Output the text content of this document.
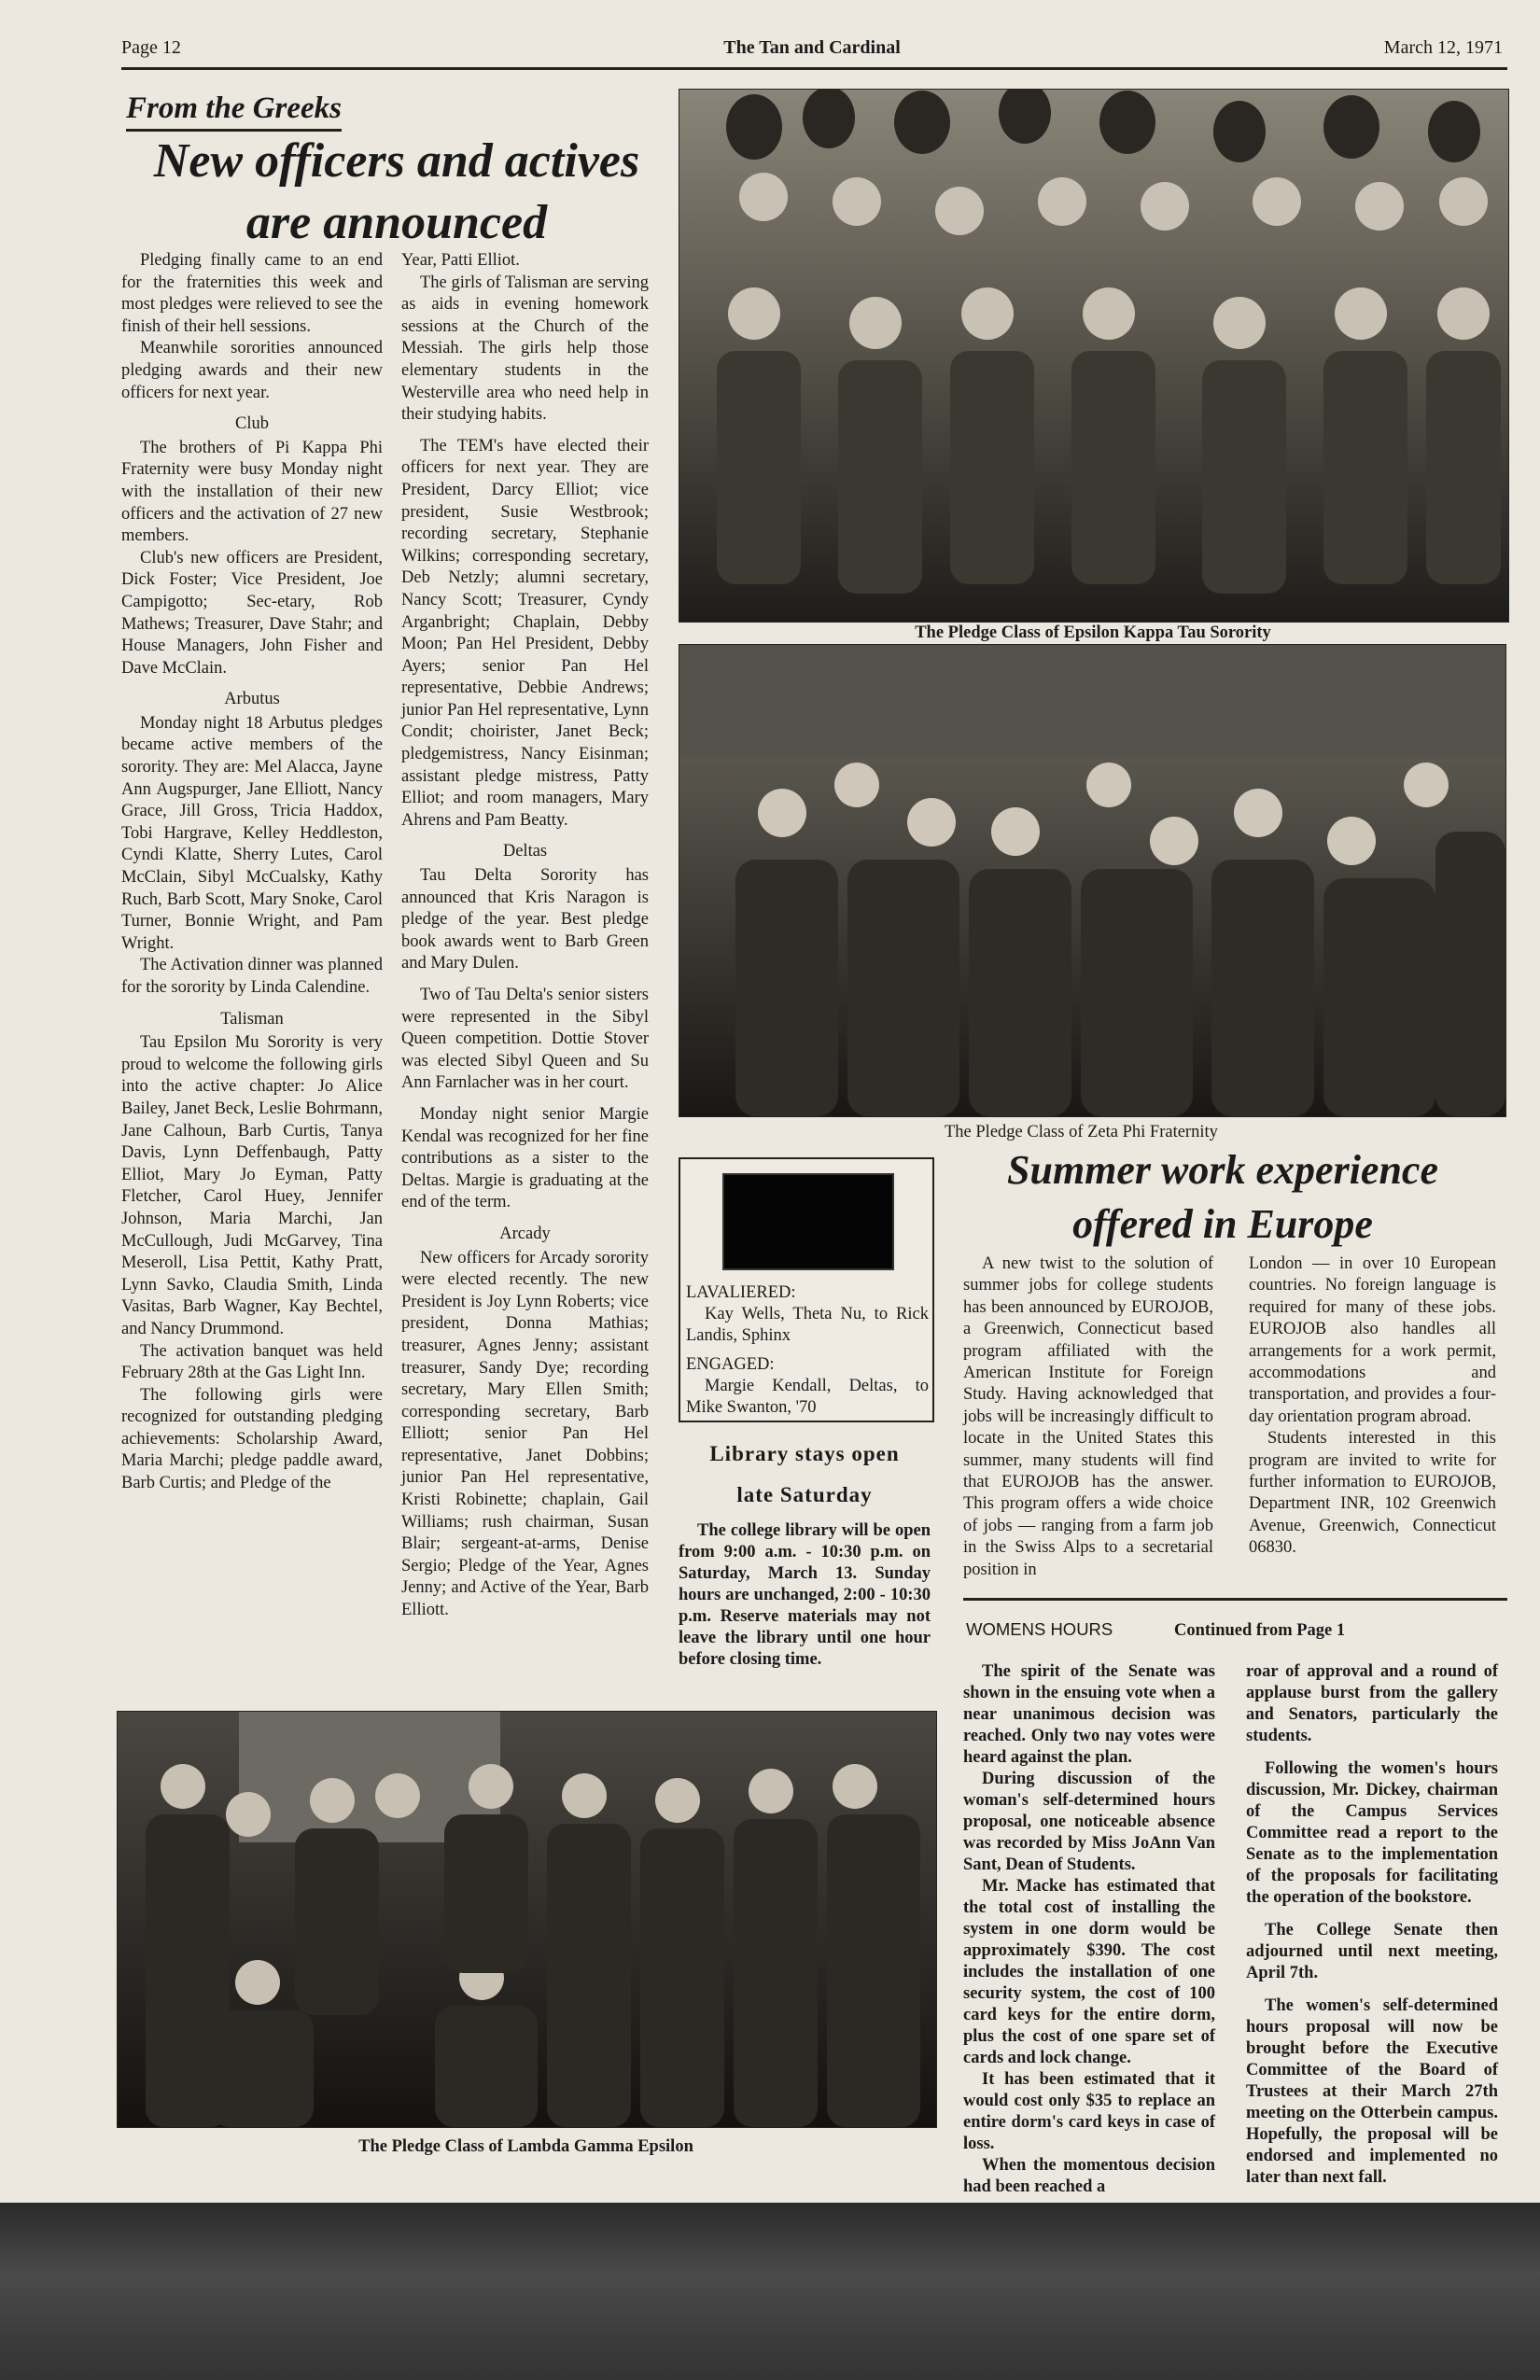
Page 12	The Tan and Cardinal	March 12, 1971
From the Greeks
New officers and actives
are announced

Pledging finally came to an end for the fraternities this week and most pledges were relieved to see the finish of their hell sessions.

Meanwhile sororities announced pledging awards and their new officers for next year.

Club

The brothers of Pi Kappa Phi Fraternity were busy Monday night with the installation of their new officers and the activation of 27 new members.

Club's new officers are President, Dick Foster; Vice President, Joe Campigotto; Sec-etary, Rob Mathews; Treasurer, Dave Stahr; and House Managers, John Fisher and Dave McClain.

Arbutus

Monday night 18 Arbutus pledges became active members of the sorority. They are: Mel Alacca, Jayne Ann Augspurger, Jane Elliott, Nancy Grace, Jill Gross, Tricia Haddox, Tobi Hargrave, Kelley Heddleston, Cyndi Klatte, Sherry Lutes, Carol McClain, Sibyl McCualsky, Kathy Ruch, Barb Scott, Mary Snoke, Carol Turner, Bonnie Wright, and Pam Wright.

The Activation dinner was planned for the sorority by Linda Calendine.

Talisman

Tau Epsilon Mu Sorority is very proud to welcome the following girls into the active chapter: Jo Alice Bailey, Janet Beck, Leslie Bohrmann, Jane Calhoun, Barb Curtis, Tanya Davis, Lynn Deffenbaugh, Patty Elliot, Mary Jo Eyman, Patty Fletcher, Carol Huey, Jennifer Johnson, Maria Marchi, Jan McCullough, Judi McGarvey, Tina Meseroll, Lisa Pettit, Kathy Pratt, Lynn Savko, Claudia Smith, Linda Vasitas, Barb Wagner, Kay Bechtel, and Nancy Drummond.

The activation banquet was held February 28th at the Gas Light Inn.

The following girls were recognized for outstanding pledging achievements: Scholarship Award, Maria Marchi; pledge paddle award, Barb Curtis; and Pledge of the

Year, Patti Elliot.

The girls of Talisman are serving as aids in evening homework sessions at the Church of the Messiah. The girls help those elementary students in the Westerville area who need help in their studying habits.

The TEM's have elected their officers for next year. They are President, Darcy Elliot; vice president, Susie Westbrook; recording secretary, Stephanie Wilkins; corresponding secretary, Deb Netzly; alumni secretary, Nancy Scott; Treasurer, Cyndy Arganbright; Chaplain, Debby Moon; Pan Hel President, Debby Ayers; senior Pan Hel representative, Debbie Andrews; junior Pan Hel representative, Lynn Condit; choirister, Janet Beck; pledgemistress, Nancy Eisinman; assistant pledge mistress, Patty Elliot; and room managers, Mary Ahrens and Pam Beatty.

Deltas

Tau Delta Sorority has announced that Kris Naragon is pledge of the year. Best pledge book awards went to Barb Green and Mary Dulen.

Two of Tau Delta's senior sisters were represented in the Sibyl Queen competition. Dottie Stover was elected Sibyl Queen and Su Ann Farnlacher was in her court.

Monday night senior Margie Kendal was recognized for her fine contributions as a sister to the Deltas. Margie is graduating at the end of the term.

Arcady

New officers for Arcady sorority were elected recently. The new President is Joy Lynn Roberts; vice president, Donna Mathias; treasurer, Agnes Jenny; assistant treasurer, Sandy Dye; recording secretary, Mary Ellen Smith; corresponding secretary, Barb Elliott; senior Pan Hel representative, Janet Dobbins; junior Pan Hel representative, Kristi Robinette; chaplain, Gail Williams; rush chairman, Susan Blair; sergeant-at-arms, Denise Sergio; Pledge of the Year, Agnes Jenny; and Active of the Year, Barb Elliott.

The Pledge Class of Epsilon Kappa Tau Sorority
The Pledge Class of Zeta Phi Fraternity
LAVALIERED:

Kay Wells, Theta Nu, to Rick Landis, Sphinx

ENGAGED:

Margie Kendall, Deltas, to Mike Swanton, '70

Library stays open
late Saturday

The college library will be open from 9:00 a.m. - 10:30 p.m. on Saturday, March 13. Sunday hours are unchanged, 2:00 - 10:30 p.m. Reserve materials may not leave the library until one hour before closing time.

Summer work experience
offered in Europe

A new twist to the solution of summer jobs for college students has been announced by EUROJOB, a Greenwich, Connecticut based program affiliated with the American Institute for Foreign Study. Having acknowledged that jobs will be increasingly difficult to locate in the United States this summer, many students will find that EUROJOB has the answer. This program offers a wide choice of jobs — ranging from a farm job in the Swiss Alps to a secretarial position in

London — in over 10 European countries. No foreign language is required for many of these jobs. EUROJOB also handles all arrangements for a work permit, accommodations and transportation, and provides a four-day orientation program abroad.

Students interested in this program are invited to write for further information to EUROJOB, Department INR, 102 Greenwich Avenue, Greenwich, Connecticut 06830.

WOMENS HOURS	Continued from Page 1

The spirit of the Senate was shown in the ensuing vote when a near unanimous decision was reached. Only two nay votes were heard against the plan.

During discussion of the woman's self-determined hours proposal, one noticeable absence was recorded by Miss JoAnn Van Sant, Dean of Students.

Mr. Macke has estimated that the total cost of installing the system in one dorm would be approximately $390. The cost includes the installation of one security system, the cost of 100 card keys for the entire dorm, plus the cost of one spare set of cards and lock change.

It has been estimated that it would cost only $35 to replace an entire dorm's card keys in case of loss.

When the momentous decision had been reached a

roar of approval and a round of applause burst from the gallery and Senators, particularly the students.

Following the women's hours discussion, Mr. Dickey, chairman of the Campus Services Committee read a report to the Senate as to the implementation of the proposals for facilitating the operation of the bookstore.

The College Senate then adjourned until next meeting, April 7th.

The women's self-determined hours proposal will now be brought before the Executive Committee of the Board of Trustees at their March 27th meeting on the Otterbein campus. Hopefully, the proposal will be endorsed and implemented no later than next fall.

The Pledge Class of Lambda Gamma Epsilon
